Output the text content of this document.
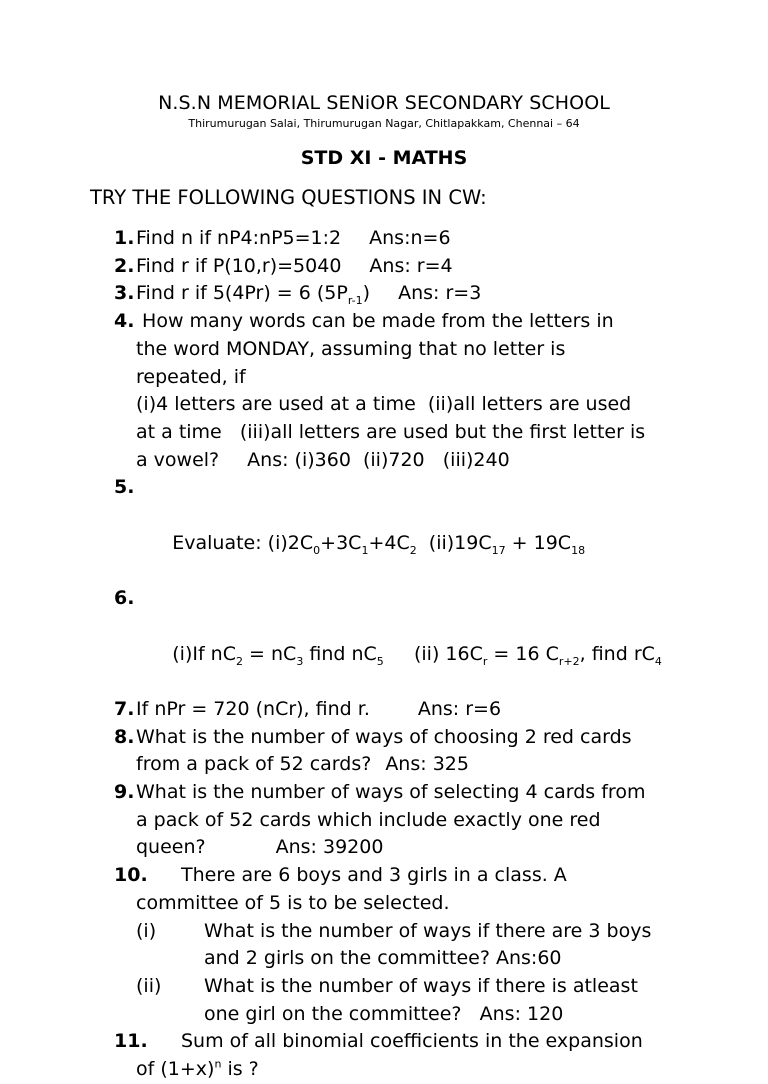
N.S.N MEMORIAL SENiOR SECONDARY SCHOOL
Thirumurugan Salai, Thirumurugan Nagar, Chitlapakkam, Chennai – 64
STD XI - MATHS
TRY THE FOLLOWING QUESTIONS IN CW:
1. Find n if nP4:nP5=1:2 Ans:n=6
2. Find r if P(10,r)=5040 Ans: r=4
3. Find r if 5(4Pr) = 6 $(5P_{r-1})$ Ans: r=3
4. How many words can be made from the letters in
the word MONDAY, assuming that no letter is
repeated, if
(i)4 letters are used at a time  (ii)all letters are used
at a time   (iii)all letters are used but the first letter is
a vowel? Ans: (i)360  (ii)720   (iii)240

5.

Evaluate: $(i)2C_0+3C_1+4C_2$  $(ii)19C_{17} + 19C_{18}$

6.

(i)If $nC_2 = nC_3$ find $nC_5$     (ii) $16C_r = 16$ $C_{r+2}$, find $rC_4$

7. If nPr = 720 (nCr), find r.	Ans: r=6
8. What is the number of ways of choosing 2 red cards
from a pack of 52 cards? Ans: 325
9. What is the number of ways of selecting 4 cards from
a pack of 52 cards which include exactly one red
queen?	Ans: 39200
10.	There are 6 boys and 3 girls in a class. A
committee of 5 is to be selected.
(i)	What is the number of ways if there are 3 boys
and 2 girls on the committee? Ans:60
(ii) What is the number of ways if there is atleast
one girl on the committee?   Ans: 120
11.	Sum of all binomial coefficients in the expansion
of $(1+x)^n$ is ?
